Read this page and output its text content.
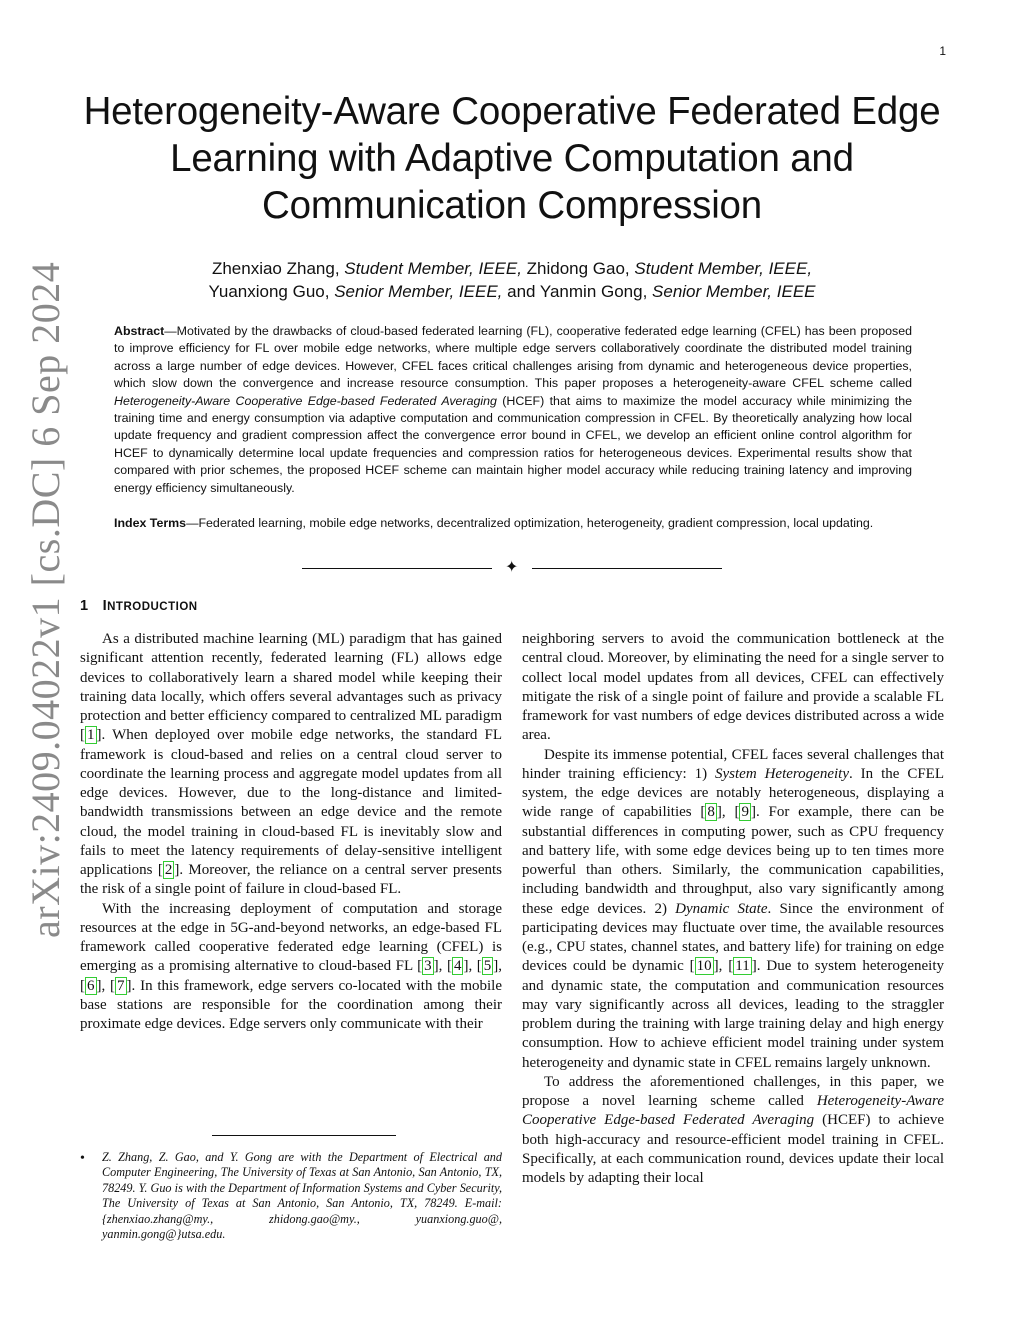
1
arXiv:2409.04022v1 [cs.DC] 6 Sep 2024
Heterogeneity-Aware Cooperative Federated Edge Learning with Adaptive Computation and Communication Compression
Zhenxiao Zhang, Student Member, IEEE, Zhidong Gao, Student Member, IEEE,
Yuanxiong Guo, Senior Member, IEEE, and Yanmin Gong, Senior Member, IEEE
Abstract—Motivated by the drawbacks of cloud-based federated learning (FL), cooperative federated edge learning (CFEL) has been proposed to improve efficiency for FL over mobile edge networks, where multiple edge servers collaboratively coordinate the distributed model training across a large number of edge devices. However, CFEL faces critical challenges arising from dynamic and heterogeneous device properties, which slow down the convergence and increase resource consumption. This paper proposes a heterogeneity-aware CFEL scheme called Heterogeneity-Aware Cooperative Edge-based Federated Averaging (HCEF) that aims to maximize the model accuracy while minimizing the training time and energy consumption via adaptive computation and communication compression in CFEL. By theoretically analyzing how local update frequency and gradient compression affect the convergence error bound in CFEL, we develop an efficient online control algorithm for HCEF to dynamically determine local update frequencies and compression ratios for heterogeneous devices. Experimental results show that compared with prior schemes, the proposed HCEF scheme can maintain higher model accuracy while reducing training latency and improving energy efficiency simultaneously.
Index Terms—Federated learning, mobile edge networks, decentralized optimization, heterogeneity, gradient compression, local updating.
✦
1 INTRODUCTION

As a distributed machine learning (ML) paradigm that has gained significant attention recently, federated learning (FL) allows edge devices to collaboratively learn a shared model while keeping their training data locally, which offers several advantages such as privacy protection and better efficiency compared to centralized ML paradigm [ 1 ]. When deployed over mobile edge networks, the standard FL framework is cloud-based and relies on a central cloud server to coordinate the learning process and aggregate model updates from all edge devices. However, due to the long-distance and limited-bandwidth transmissions between an edge device and the remote cloud, the model training in cloud-based FL is inevitably slow and fails to meet the latency requirements of delay-sensitive intelligent applications [ 2 ]. Moreover, the reliance on a central server presents the risk of a single point of failure in cloud-based FL.

With the increasing deployment of computation and storage resources at the edge in 5G-and-beyond networks, an edge-based FL framework called cooperative federated edge learning (CFEL) is emerging as a promising alternative to cloud-based FL [ 3 ], [ 4 ], [ 5 ], [ 6 ], [ 7 ]. In this framework, edge servers co-located with the mobile base stations are responsible for the coordination among their proximate edge devices. Edge servers only communicate with their

neighboring servers to avoid the communication bottleneck at the central cloud. Moreover, by eliminating the need for a single server to collect local model updates from all devices, CFEL can effectively mitigate the risk of a single point of failure and provide a scalable FL framework for vast numbers of edge devices distributed across a wide area.

Despite its immense potential, CFEL faces several challenges that hinder training efficiency: 1) System Heterogeneity. In the CFEL system, the edge devices are notably heterogeneous, displaying a wide range of capabilities [ 8 ], [ 9 ]. For example, there can be substantial differences in computing power, such as CPU frequency and battery life, with some edge devices being up to ten times more powerful than others. Similarly, the communication capabilities, including bandwidth and throughput, also vary significantly among these edge devices. 2) Dynamic State. Since the environment of participating devices may fluctuate over time, the available resources (e.g., CPU states, channel states, and battery life) for training on edge devices could be dynamic [ 10 ], [ 11 ]. Due to system heterogeneity and dynamic state, the computation and communication resources may vary significantly across all devices, leading to the straggler problem during the training with large training delay and high energy consumption. How to achieve efficient model training under system heterogeneity and dynamic state in CFEL remains largely unknown.

To address the aforementioned challenges, in this paper, we propose a novel learning scheme called Heterogeneity-Aware Cooperative Edge-based Federated Averaging (HCEF) to achieve both high-accuracy and resource-efficient model training in CFEL. Specifically, at each communication round, devices update their local models by adapting their local

• Z. Zhang, Z. Gao, and Y. Gong are with the Department of Electrical and Computer Engineering, The University of Texas at San Antonio, San Antonio, TX, 78249. Y. Guo is with the Department of Information Systems and Cyber Security, The University of Texas at San Antonio, San Antonio, TX, 78249. E-mail: {zhenxiao.zhang@my., zhidong.gao@my., yuanxiong.guo@, yanmin.gong@}utsa.edu.
